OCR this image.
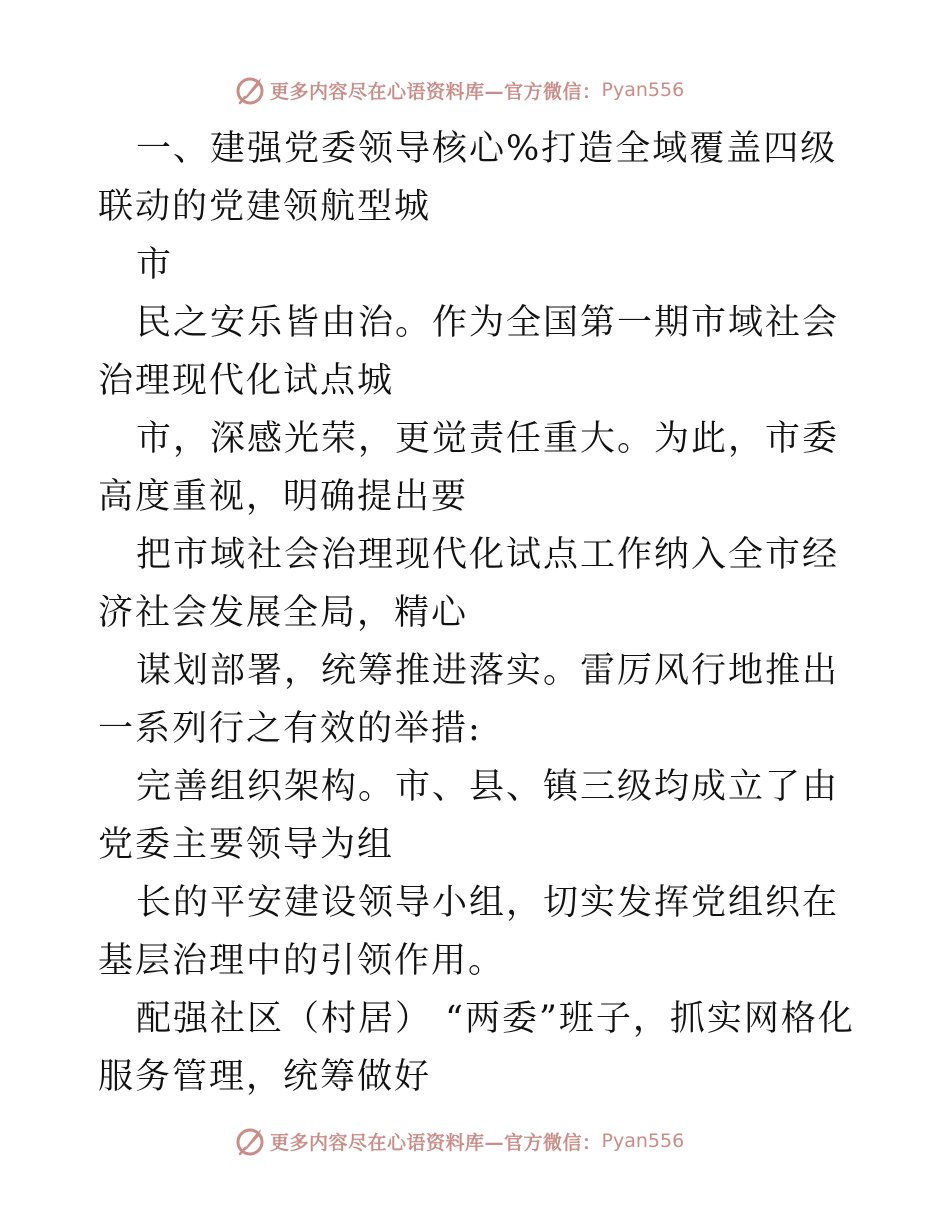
更多内容尽在心语资料库—官方微信： Pyan556

一、建强党委领导核心%打造全域覆盖四级联动的党建领航型城

市

民之安乐皆由治。作为全国第一期市域社会治理现代化试点城

市，深感光荣，更觉责任重大。为此，市委高度重视，明确提出要

把市域社会治理现代化试点工作纳入全市经济社会发展全局，精心

谋划部署，统筹推进落实。雷厉风行地推出一系列行之有效的举措:

完善组织架构。市、县、镇三级均成立了由党委主要领导为组

长的平安建设领导小组，切实发挥党组织在基层治理中的引领作用。

配强社区（村居） “两委”班子，抓实网格化服务管理，统筹做好

更多内容尽在心语资料库—官方微信： Pyan556
